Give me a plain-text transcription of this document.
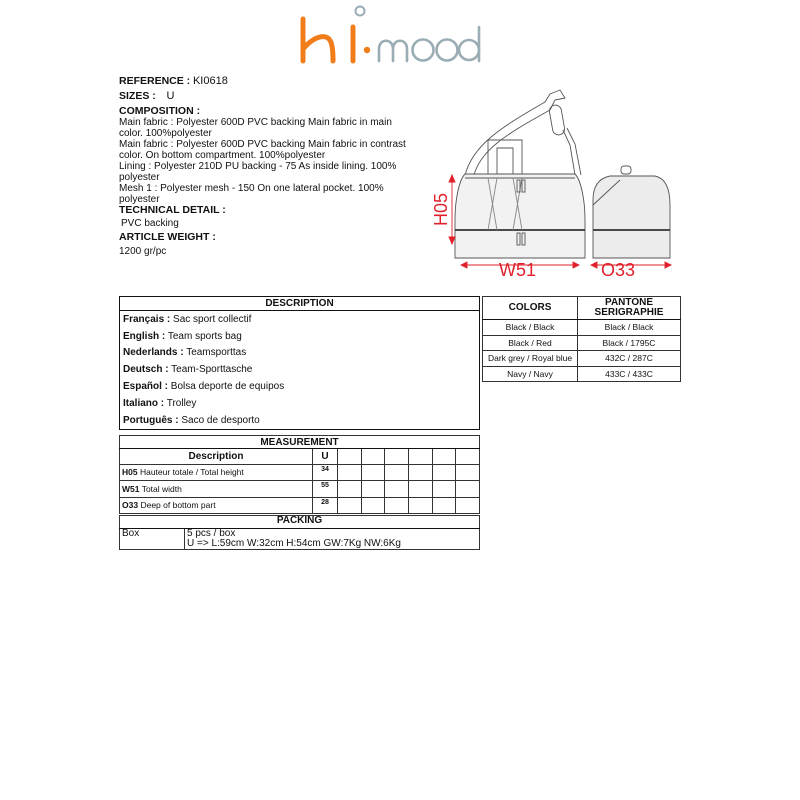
REFERENCE : KI0618
SIZES : U
COMPOSITION :
Main fabric : Polyester 600D PVC backing Main fabric in main color. 100%polyester
Main fabric : Polyester 600D PVC backing Main fabric in contrast color. On bottom compartment. 100%polyester
Lining : Polyester 210D PU backing - 75 As inside lining. 100% polyester
Mesh 1 : Polyester mesh - 150 On one lateral pocket. 100% polyester
TECHNICAL DETAIL :
PVC backing
ARTICLE WEIGHT :
1200 gr/pc
H05
W51	O33
DESCRIPTION
Français : Sac sport collectif
English : Team sports bag
Nederlands : Teamsporttas
Deutsch : Team-Sporttasche
Español : Bolsa deporte de equipos
Italiano : Trolley
Português : Saco de desporto
COLORS	PANTONE SERIGRAPHIE
Black / Black	Black / Black
Black / Red	Black / 1795C
Dark grey / Royal blue	432C / 287C
Navy / Navy	433C / 433C
MEASUREMENT							
Description	U						
H05 Hauteur totale / Total height	34						
W51 Total width	55						
O33 Deep of bottom part	28						
PACKING
Box	5 pcs / box
U => L:59cm W:32cm H:54cm GW:7Kg NW:6Kg
